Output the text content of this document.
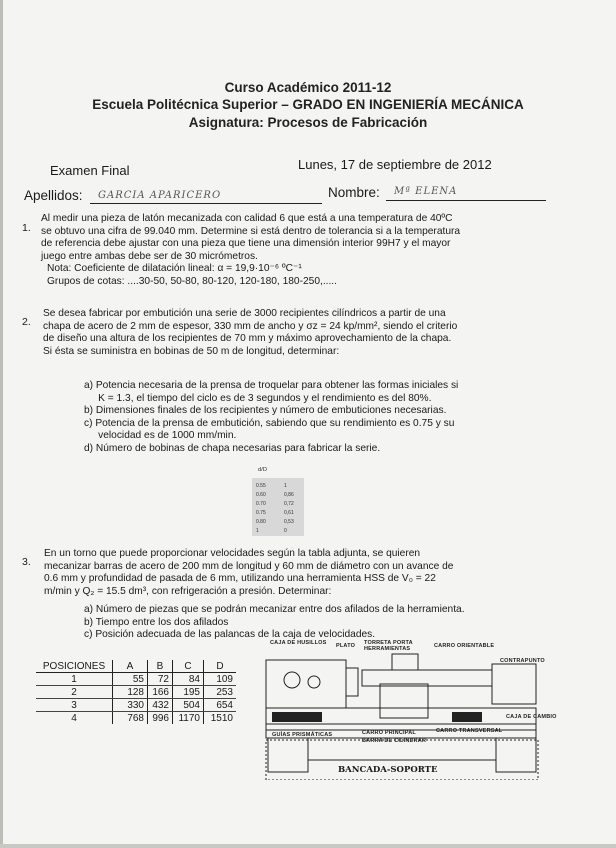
Curso Académico 2011-12
Escuela Politécnica Superior – GRADO EN INGENIERÍA MECÁNICA
Asignatura: Procesos de Fabricación
Examen Final	Lunes, 17 de septiembre de 2012
Apellidos: GARCIA APARICERO	Nombre: Mª ELENA
1.
Al medir una pieza de latón mecanizada con calidad 6 que está a una temperatura de 40ºC
se obtuvo una cifra de 99.040 mm. Determine si está dentro de tolerancia si a la temperatura
de referencia debe ajustar con una pieza que tiene una dimensión interior 99H7 y el mayor
juego entre ambas debe ser de 30 micrómetros.
Nota: Coeficiente de dilatación lineal: α = 19,9·10⁻⁶ ºC⁻¹
Grupos de cotas: ....30-50, 50-80, 80-120, 120-180, 180-250,.....
2.
Se desea fabricar por embutición una serie de 3000 recipientes cilíndricos a partir de una
chapa de acero de 2 mm de espesor, 330 mm de ancho y σz = 24 kp/mm², siendo el criterio
de diseño una altura de los recipientes de 70 mm y máximo aprovechamiento de la chapa.
Si ésta se suministra en bobinas de 50 m de longitud, determinar:
a) Potencia necesaria de la prensa de troquelar para obtener las formas iniciales si
K = 1.3, el tiempo del ciclo es de 3 segundos y el rendimiento es del 80%.
b) Dimensiones finales de los recipientes y número de embuticiones necesarias.
c) Potencia de la prensa de embutición, sabiendo que su rendimiento es 0.75 y su
velocidad es de 1000 mm/min.
d) Número de bobinas de chapa necesarias para fabricar la serie.
d/D
0.55	1
0.60	0,86
0.70	0,72
0.75	0,61
0.80	0,53
1	0
3.
En un torno que puede proporcionar velocidades según la tabla adjunta, se quieren
mecanizar barras de acero de 200 mm de longitud y 60 mm de diámetro con un avance de
0.6 mm y profundidad de pasada de 6 mm, utilizando una herramienta HSS de V₀ = 22
m/min y Q₂ = 15.5 dm³, con refrigeración a presión. Determinar:
a) Número de piezas que se podrán mecanizar entre dos afilados de la herramienta.
b) Tiempo entre los dos afilados
c) Posición adecuada de las palancas de la caja de velocidades.
POSICIONES	A	B	C	D
1	55	72	84	109
2	128	166	195	253
3	330	432	504	654
4	768	996	1170	1510
CAJA DE HUSILLOS PLATO TORRETA PORTA HERRAMIENTAS	CARRO ORIENTABLE
CONTRAPUNTO
CAJA DE CAMBIO
CARRO TRANSVERSAL
GUÍAS PRISMÁTICAS	CARRO PRINCIPAL
BARRA DE CILINDRAR
BANCADA-SOPORTE
